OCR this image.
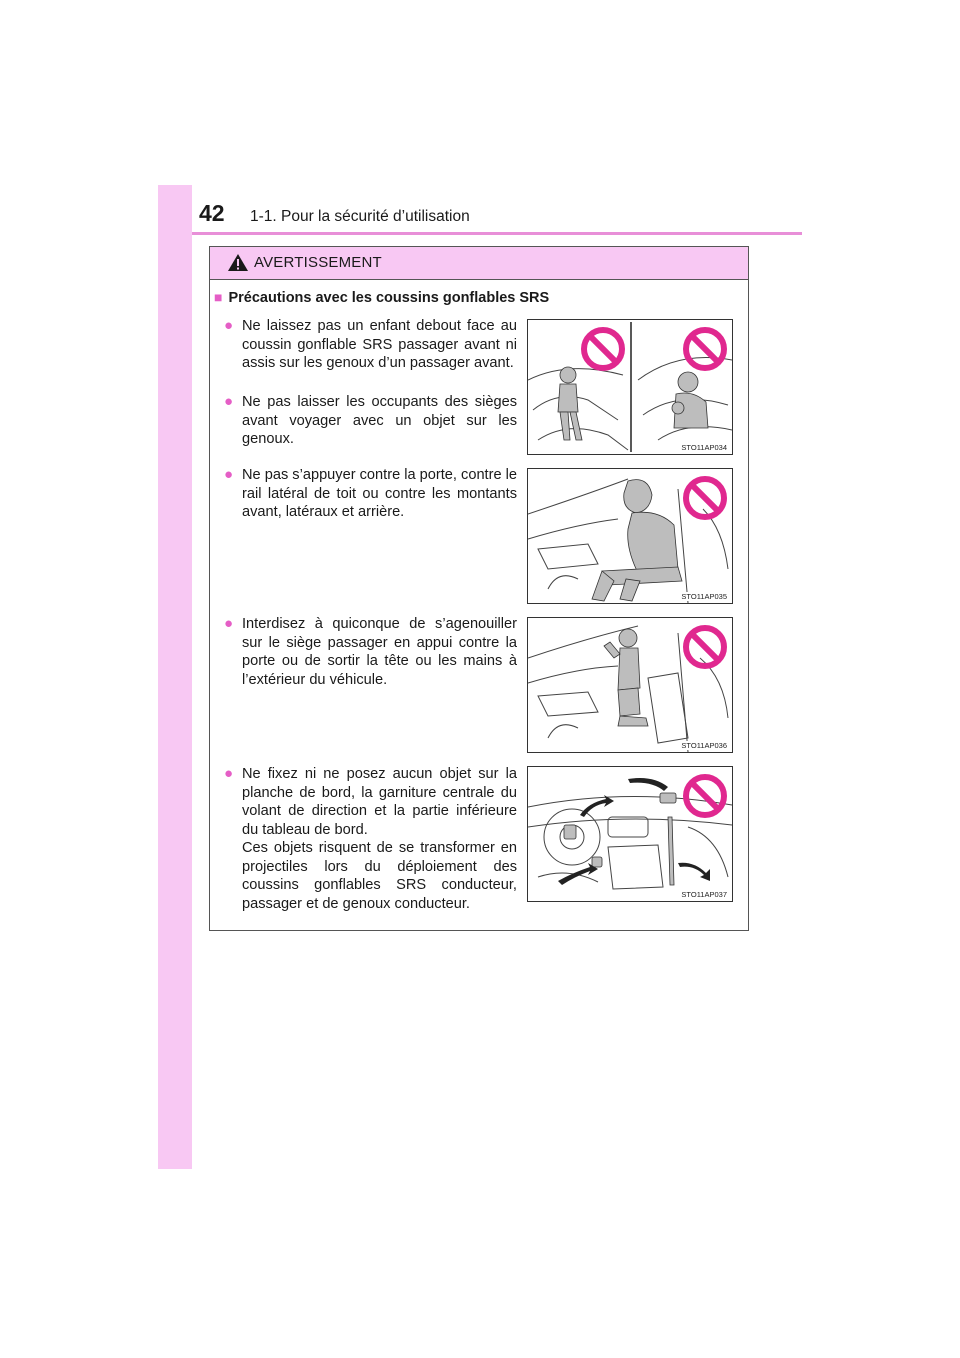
42 1-1. Pour la sécurité d’utilisation
AVERTISSEMENT
■ Précautions avec les coussins gonflables SRS
● Ne laissez pas un enfant debout face au coussin gonflable SRS passager avant ni assis sur les genoux d’un passager avant.
● Ne pas laisser les occupants des sièges avant voyager avec un objet sur les genoux.
● Ne pas s’appuyer contre la porte, contre le rail latéral de toit ou contre les montants avant, latéraux et arrière.
● Interdisez à quiconque de s’agenouiller sur le siège passager en appui contre la porte ou de sortir la tête ou les mains à l’extérieur du véhicule.
● Ne fixez ni ne posez aucun objet sur la planche de bord, la garniture centrale du volant de direction et la partie inférieure du tableau de bord.
Ces objets risquent de se transformer en projectiles lors du déploiement des coussins gonflables SRS conducteur, passager et de genoux conducteur.
STO11AP034
STO11AP035
STO11AP036
STO11AP037
